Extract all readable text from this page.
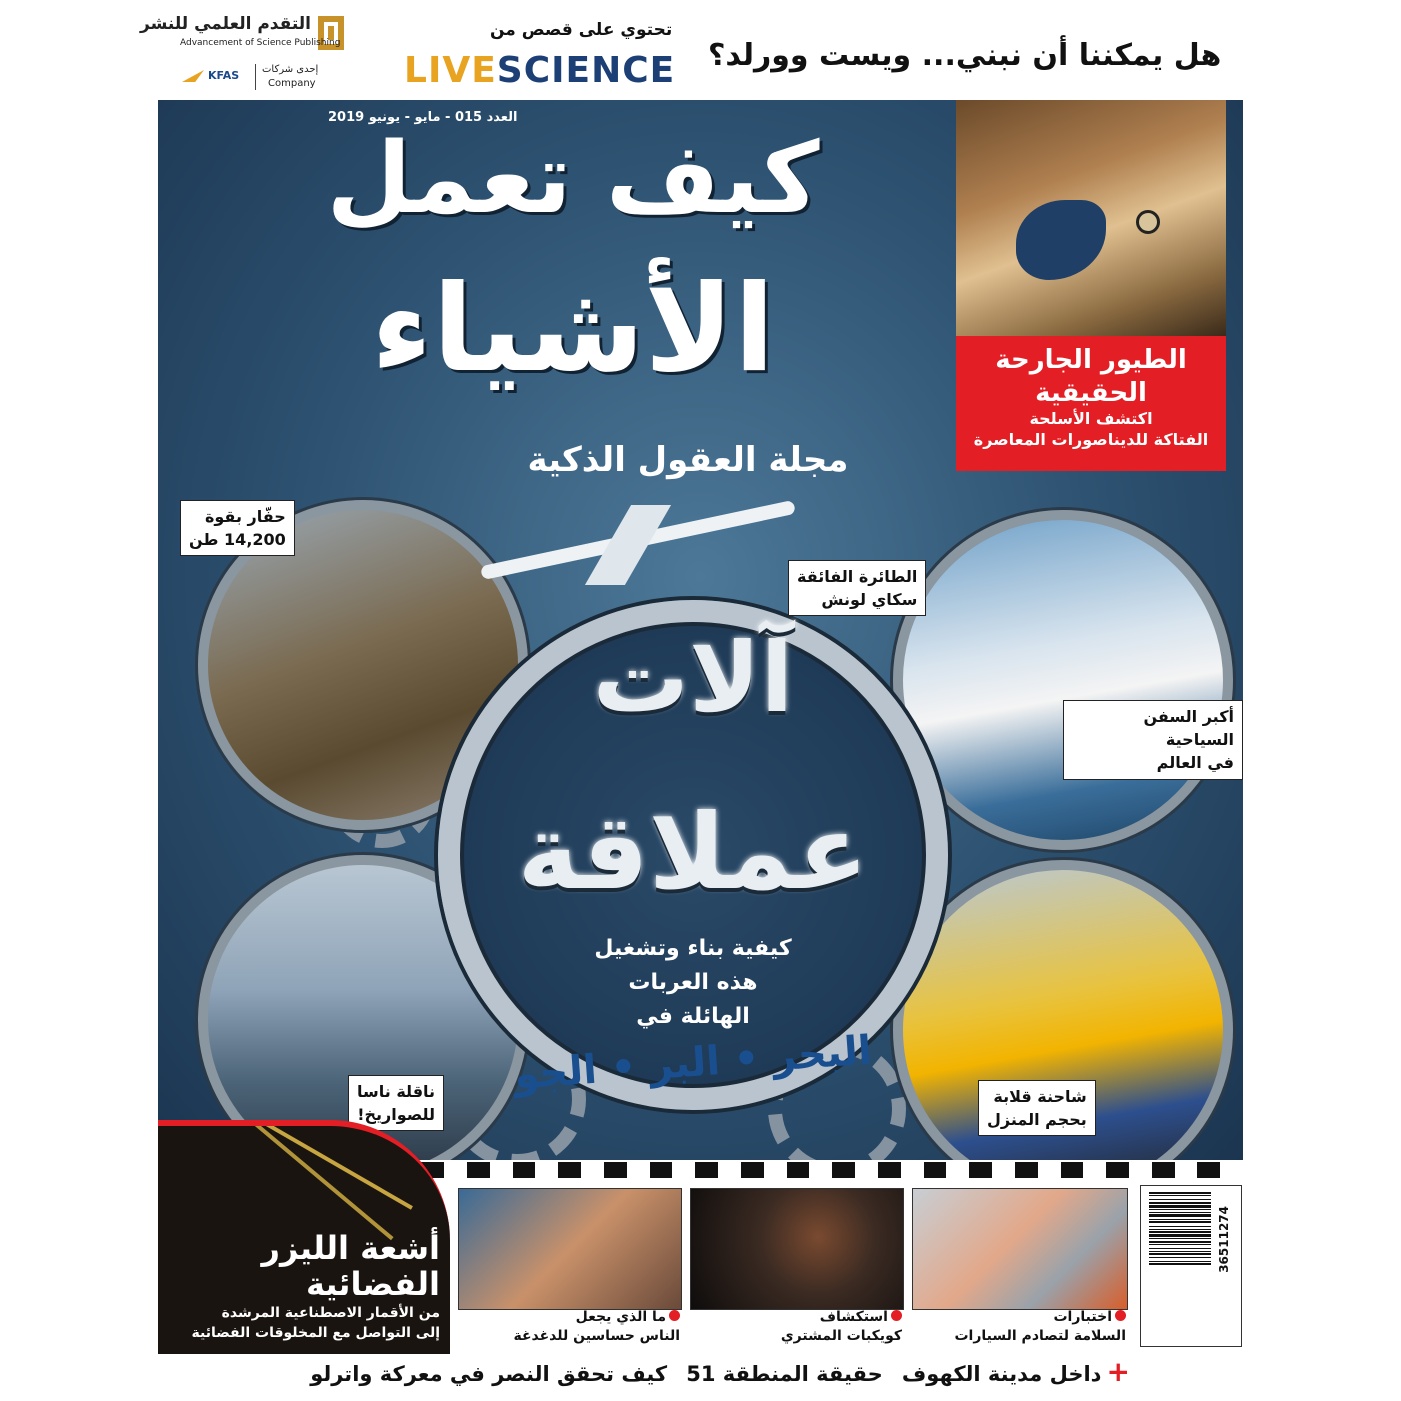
التقدم العلمي للنشر
Advancement of Science Publishing
KFAS إحدى شركات
Company
تحتوي على قصص من
LIVESCIENCE هل يمكننا أن نبني... ويست وورلد؟
العدد 015 - مايو - يونيو 2019
كيف تعمل
الأشياء
مجلة العقول الذكية
آلات
عملاقة
كيفية بناء وتشغيل
هذه العربات
الهائلة في
البحر • البر • الجو
حفّار بقوة
14,200 طن
الطائرة الفائقة
سكاي لونش
أكبر السفن السياحية
في العالم
ناقلة ناسا
للصواريخ!
شاحنة قلابة
بحجم المنزل
الطيور الجارحة
الحقيقية
اكتشف الأسلحة
الفتاكة للديناصورات المعاصرة
أشعة الليزر
الفضائية
من الأقمار الاصطناعية المرشدة
إلى التواصل مع المخلوقات الفضائية
ما الذي يجعل
الناس حساسين للدغدغة
استكشاف
كويكبات المشتري
اختبارات
السلامة لتصادم السيارات
36511274
+ داخل مدينة الكهوف حقيقة المنطقة 51 كيف تحقق النصر في معركة واترلو
